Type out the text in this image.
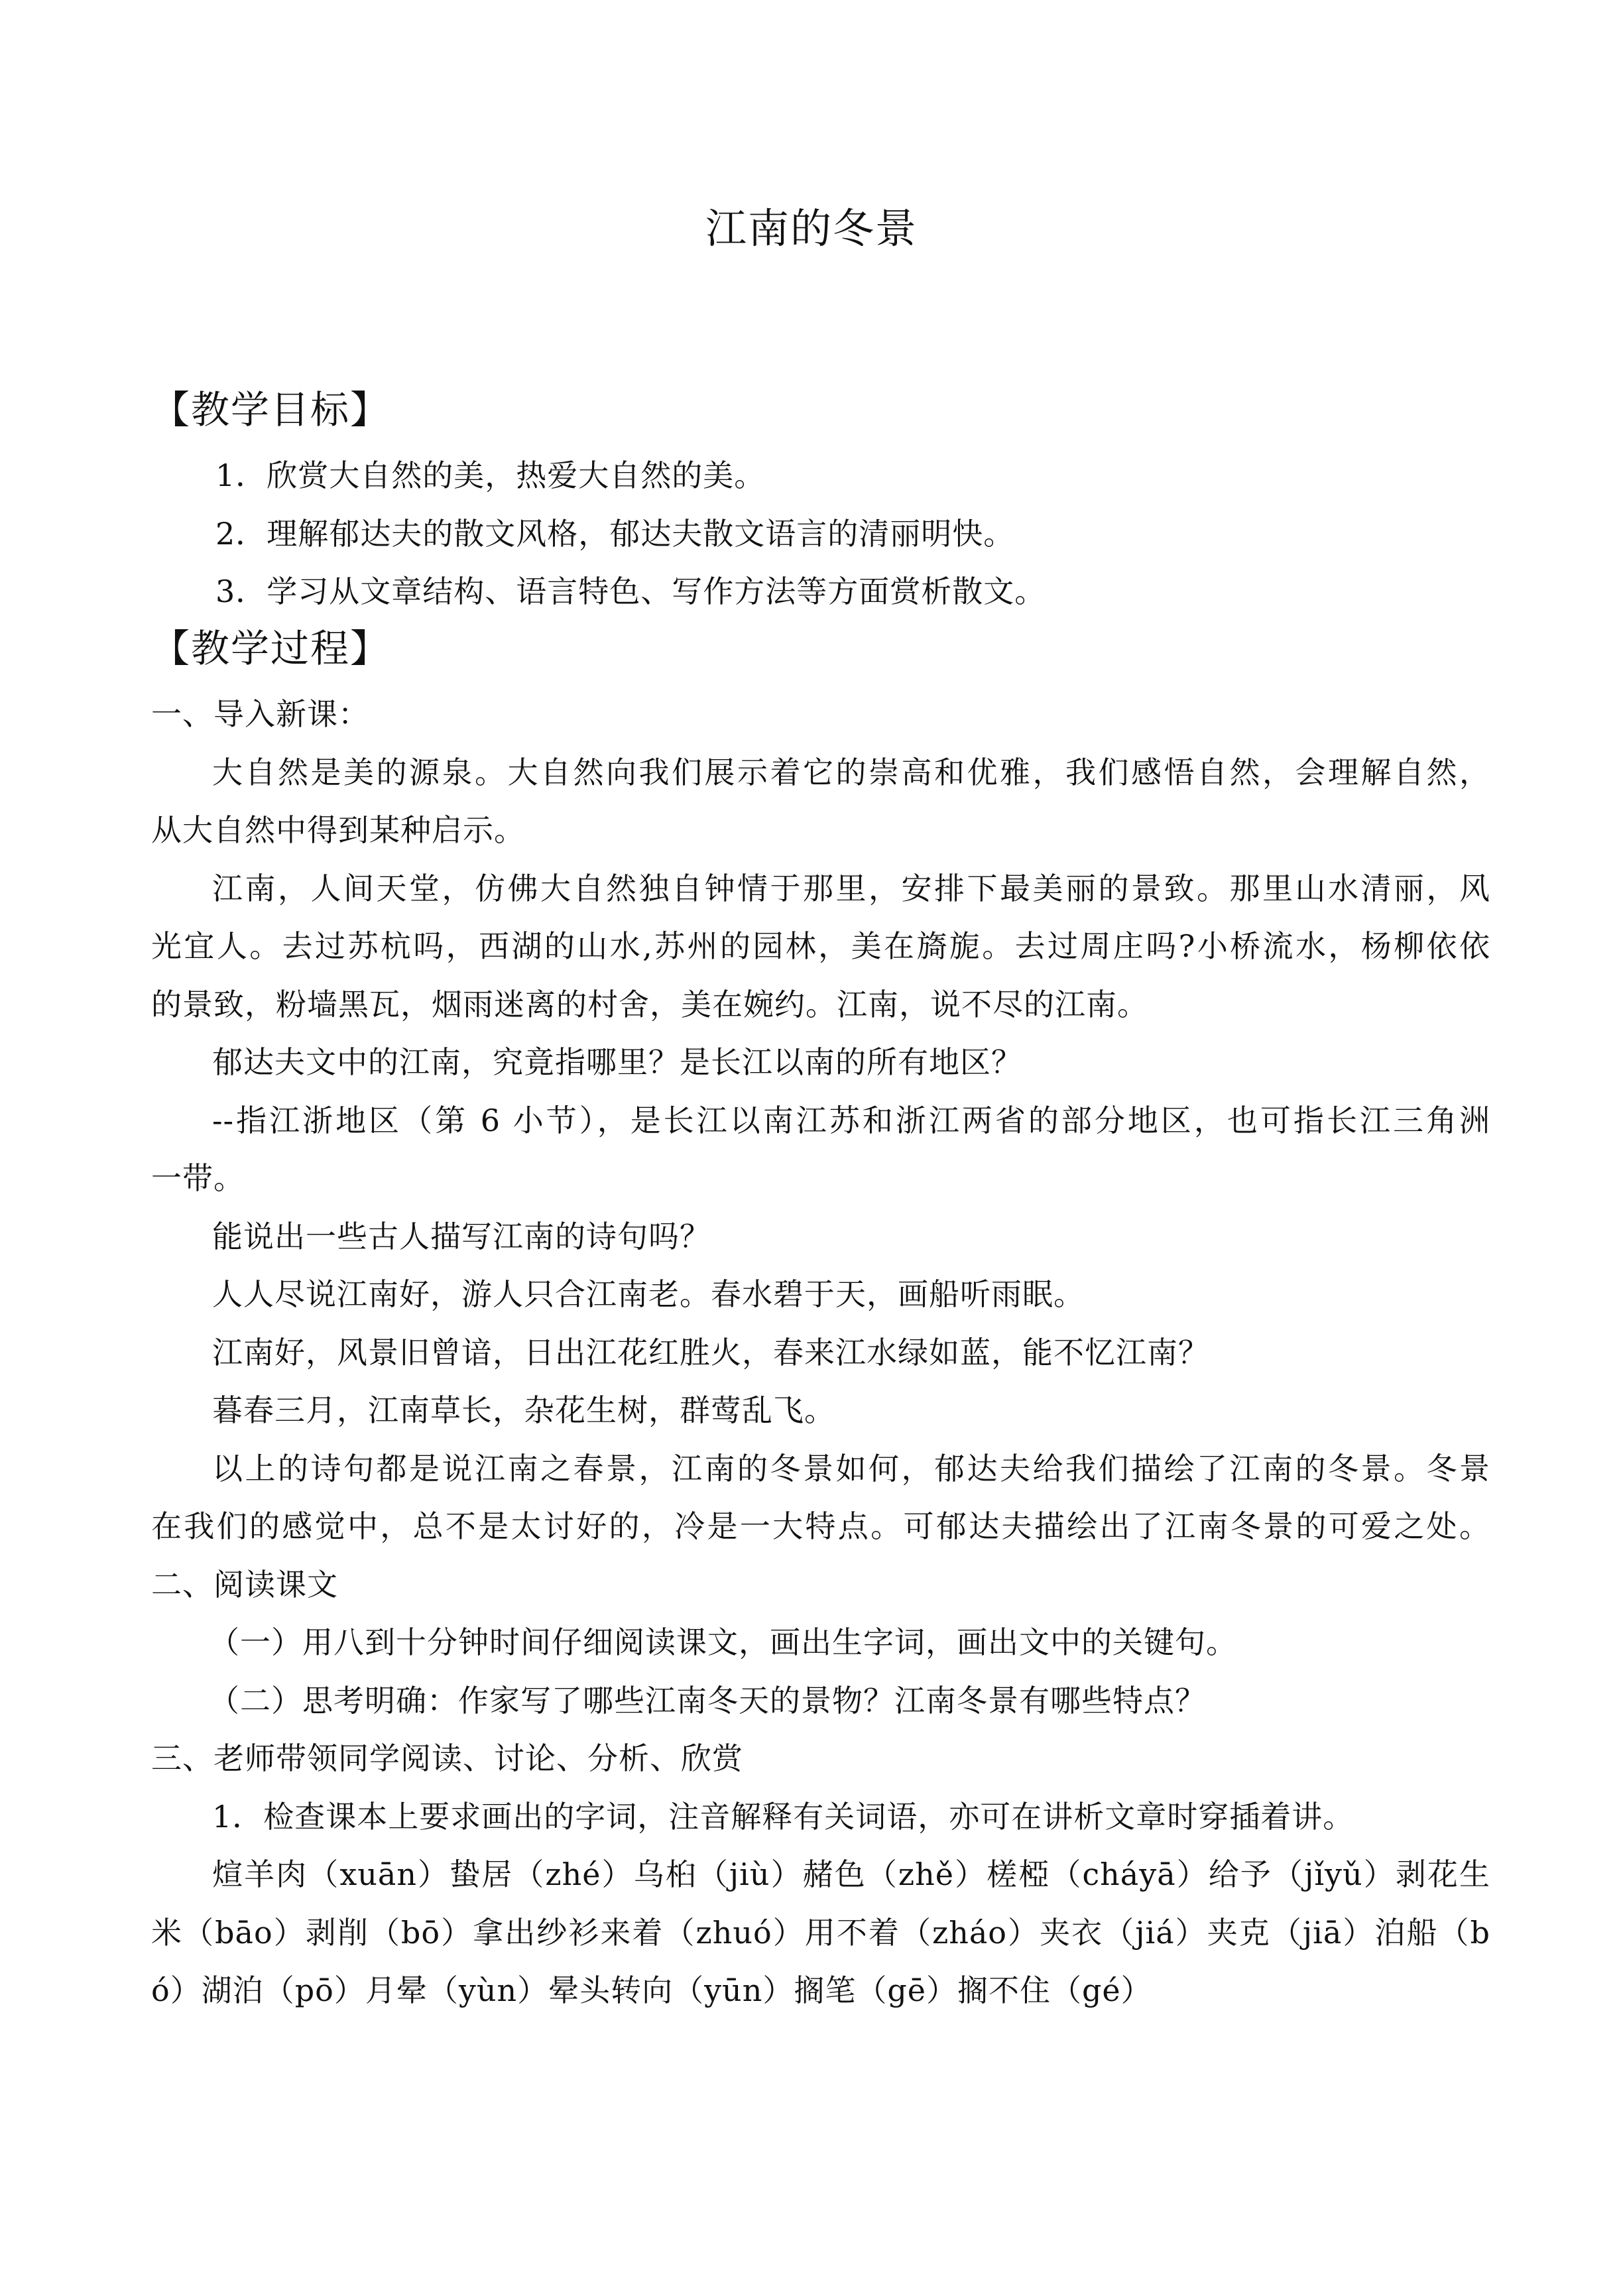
江南的冬景
【教学目标】
1．欣赏大自然的美，热爱大自然的美。
2．理解郁达夫的散文风格，郁达夫散文语言的清丽明快。
3．学习从文章结构、语言特色、写作方法等方面赏析散文。
【教学过程】
一、导入新课：
大自然是美的源泉。大自然向我们展示着它的崇高和优雅，我们感悟自然，会理解自然，
从大自然中得到某种启示。
江南，人间天堂，仿佛大自然独自钟情于那里，安排下最美丽的景致。那里山水清丽，风
光宜人。去过苏杭吗，西湖的山水,苏州的园林，美在旖旎。去过周庄吗?小桥流水，杨柳依依
的景致，粉墙黑瓦，烟雨迷离的村舍，美在婉约。江南，说不尽的江南。
郁达夫文中的江南，究竟指哪里？是长江以南的所有地区？
--指江浙地区（第 6 小节），是长江以南江苏和浙江两省的部分地区，也可指长江三角洲
一带。
能说出一些古人描写江南的诗句吗？
人人尽说江南好，游人只合江南老。春水碧于天，画船听雨眠。
江南好，风景旧曾谙，日出江花红胜火，春来江水绿如蓝，能不忆江南？
暮春三月，江南草长，杂花生树，群莺乱飞。
以上的诗句都是说江南之春景，江南的冬景如何，郁达夫给我们描绘了江南的冬景。冬景
在我们的感觉中，总不是太讨好的，冷是一大特点。可郁达夫描绘出了江南冬景的可爱之处。
二、阅读课文
（一）用八到十分钟时间仔细阅读课文，画出生字词，画出文中的关键句。
（二）思考明确：作家写了哪些江南冬天的景物？江南冬景有哪些特点？
三、老师带领同学阅读、讨论、分析、欣赏
1．检查课本上要求画出的字词，注音解释有关词语，亦可在讲析文章时穿插着讲。
煊羊肉（xuān）蛰居（zhé）乌桕（jiù）赭色（zhě）槎椏（cháyā）给予（jǐyǔ）剥花生
米（bāo）剥削（bō）拿出纱衫来着（zhuó）用不着（zháo）夹衣（jiá）夹克（jiā）泊船（b
ó）湖泊（pō）月晕（yùn）晕头转向（yūn）搁笔（gē）搁不住（gé）
